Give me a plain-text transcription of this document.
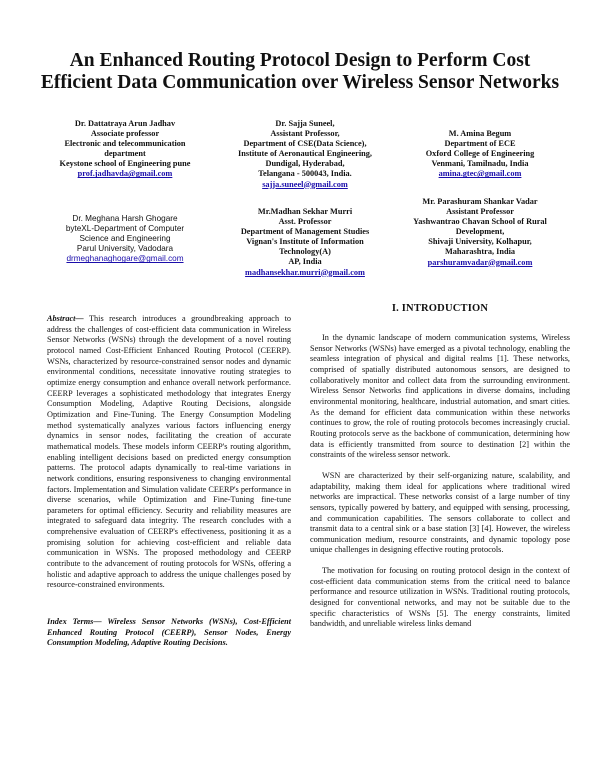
An Enhanced Routing Protocol Design to Perform Cost Efficient Data Communication over Wireless Sensor Networks
Dr. Dattatraya Arun Jadhav
Associate professor
Electronic and telecommunication
department
Keystone school of Engineering pune
prof.jadhavda@gmail.com
Dr. Sajja Suneel,
Assistant Professor,
Department of CSE(Data Science),
Institute of Aeronautical Engineering,
Dundigal, Hyderabad,
Telangana - 500043, India.
sajja.suneel@gmail.com
M. Amina Begum
Department of ECE
Oxford College of Engineering
Venmani, Tamilnadu, India
amina.gtec@gmail.com
Dr. Meghana Harsh Ghogare
byteXL-Department of Computer
Science and Engineering
Parul University, Vadodara
drmeghanaghogare@gmail.com
Mr.Madhan Sekhar Murri
Asst. Professor
Department of Management Studies
Vignan's Institute of Information
Technology(A)
AP, India
madhansekhar.murri@gmail.com
Mr. Parashuram Shankar Vadar
Assistant Professor
Yashwantrao Chavan School of Rural
Development,
Shivaji University, Kolhapur,
Maharashtra, India
parshuramvadar@gmail.com

Abstract— This research introduces a groundbreaking approach to address the challenges of cost-efficient data communication in Wireless Sensor Networks (WSNs) through the development of a novel routing protocol named Cost-Efficient Enhanced Routing Protocol (CEERP). WSNs, characterized by resource-constrained sensor nodes and dynamic environmental conditions, necessitate innovative routing strategies to optimize energy consumption and enhance overall network performance. CEERP leverages a sophisticated methodology that integrates Energy Consumption Modeling, Adaptive Routing Decisions, alongside Optimization and Fine-Tuning. The Energy Consumption Modeling method systematically analyzes various factors influencing energy dynamics in sensor nodes, facilitating the creation of accurate mathematical models. These models inform CEERP's routing algorithm, enabling intelligent decisions based on predicted energy consumption patterns. The protocol adapts dynamically to real-time variations in network conditions, ensuring responsiveness to changing environmental factors. Implementation and Simulation validate CEERP's performance in diverse scenarios, while Optimization and Fine-Tuning fine-tune parameters for optimal efficiency. Security and reliability measures are integrated to safeguard data integrity. The research concludes with a comprehensive evaluation of CEERP's effectiveness, positioning it as a promising solution for achieving cost-efficient and reliable data communication in WSNs. The proposed methodology and CEERP contribute to the advancement of routing protocols for WSNs, offering a holistic and adaptive approach to address the unique challenges posed by resource-constrained environments.

Index Terms— Wireless Sensor Networks (WSNs), Cost-Efficient Enhanced Routing Protocol (CEERP), Sensor Nodes, Energy Consumption Modeling, Adaptive Routing Decisions.

I. INTRODUCTION

In the dynamic landscape of modern communication systems, Wireless Sensor Networks (WSNs) have emerged as a pivotal technology, enabling the seamless integration of physical and digital realms [1]. These networks, comprised of spatially distributed autonomous sensors, are designed to collaboratively monitor and collect data from the surrounding environment. Wireless Sensor Networks find applications in diverse domains, including environmental monitoring, healthcare, industrial automation, and smart cities. As the demand for efficient data communication within these networks continues to grow, the role of routing protocols becomes increasingly crucial. Routing protocols serve as the backbone of communication, determining how data is efficiently transmitted from source to destination [2] within the constraints of the wireless sensor network.

WSN are characterized by their self-organizing nature, scalability, and adaptability, making them ideal for applications where traditional wired networks are impractical. These networks consist of a large number of tiny sensors, typically powered by battery, and equipped with sensing, processing, and communication capabilities. The sensors collaborate to collect and transmit data to a central sink or a base station [3] [4]. However, the wireless communication medium, resource constraints, and dynamic topology pose unique challenges in designing effective routing protocols.

The motivation for focusing on routing protocol design in the context of cost-efficient data communication stems from the critical need to balance performance and resource utilization in WSNs. Traditional routing protocols, designed for conventional networks, and may not be suitable due to the specific characteristics of WSNs [5]. The energy constraints, limited bandwidth, and unreliable wireless links demand
